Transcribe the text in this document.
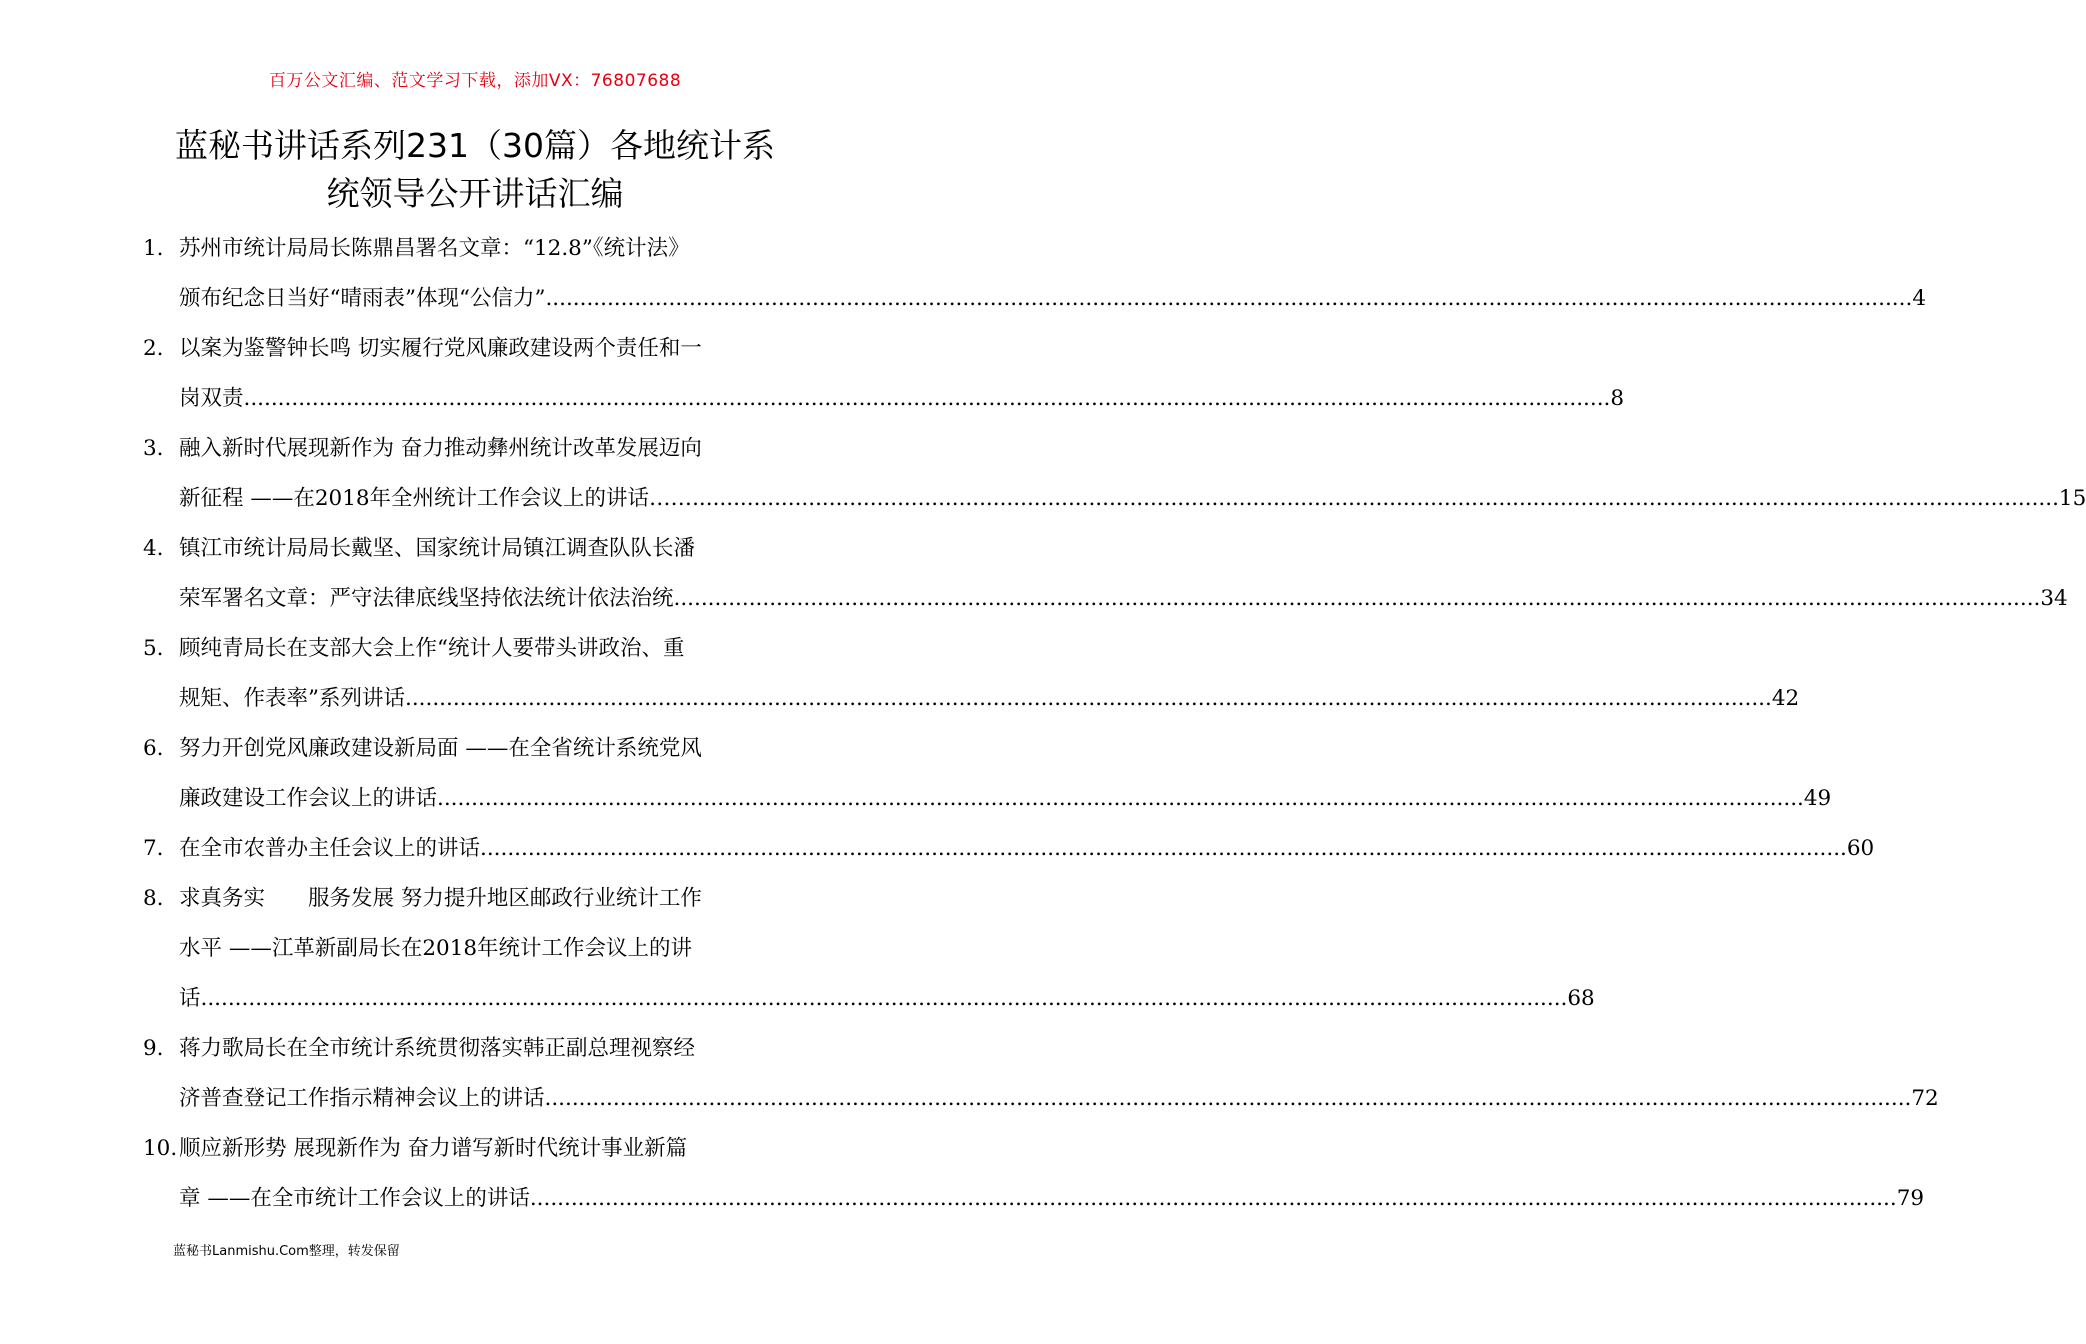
百万公文汇编、范文学习下载，添加VX：76807688
蓝秘书讲话系列231（30篇）各地统计系
统领导公开讲话汇编
1. 苏州市统计局局长陈鼎昌署名文章：“12.8”《统计法》
颁布纪念日当好“晴雨表”体现“公信力” ........................................................................................................................................................................................................ 4
2. 以案为鉴警钟长鸣 切实履行党风廉政建设两个责任和一
岗双责 ........................................................................................................................................................................................................ 8
3. 融入新时代展现新作为 奋力推动彝州统计改革发展迈向
新征程 ——在2018年全州统计工作会议上的讲话…… ........................................................................................................................................................................................................ 15
4. 镇江市统计局局长戴坚、国家统计局镇江调查队队长潘
荣军署名文章：严守法律底线坚持依法统计依法治统 ........................................................................................................................................................................................................ 34
5. 顾纯青局长在支部大会上作“统计人要带头讲政治、重
规矩、作表率”系列讲话 ........................................................................................................................................................................................................ 42
6. 努力开创党风廉政建设新局面 ——在全省统计系统党风
廉政建设工作会议上的讲话 ........................................................................................................................................................................................................ 49
7. 在全市农普办主任会议上的讲话 ........................................................................................................................................................................................................ 60
8. 求真务实　　服务发展 努力提升地区邮政行业统计工作
水平 ——江革新副局长在2018年统计工作会议上的讲
话 ........................................................................................................................................................................................................ 68
9. 蒋力歌局长在全市统计系统贯彻落实韩正副总理视察经
济普查登记工作指示精神会议上的讲话 ........................................................................................................................................................................................................ 72
10. 顺应新形势 展现新作为 奋力谱写新时代统计事业新篇
章 ——在全市统计工作会议上的讲话 ........................................................................................................................................................................................................ 79
蓝秘书Lanmishu.Com整理，转发保留
